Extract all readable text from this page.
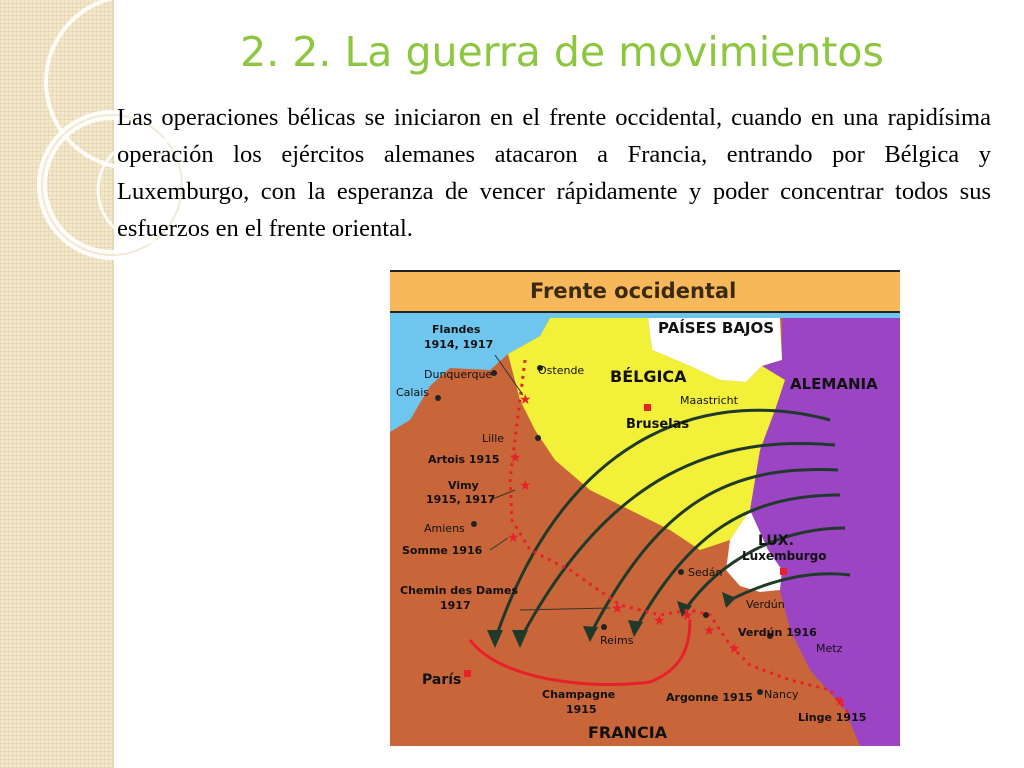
2. 2. La guerra de movimientos

Las operaciones bélicas se iniciaron en el frente occidental, cuando en una rapidísima operación los ejércitos alemanes atacaron a Francia, entrando por Bélgica y Luxemburgo, con la esperanza de vencer rápidamente y poder concentrar todos sus esfuerzos en el frente oriental.

Frente occidental
★
★
★
★
★
★ ★
★
★
★
PAÍSES BAJOS
BÉLGICA	ALEMANIA
LUX.
FRANCIA
Ostende
Dunquerque
Calais
Maastricht
Lille
Amiens
Sedán
Verdún
Reims
Metz
Nancy
Bruselas
Luxemburgo
París
Flandes
1914, 1917
Artois 1915
Vimy
1915, 1917
Somme 1916
Chemin des Dames
1917
Verdún 1916
Champagne
1915
Argonne 1915
Linge 1915
